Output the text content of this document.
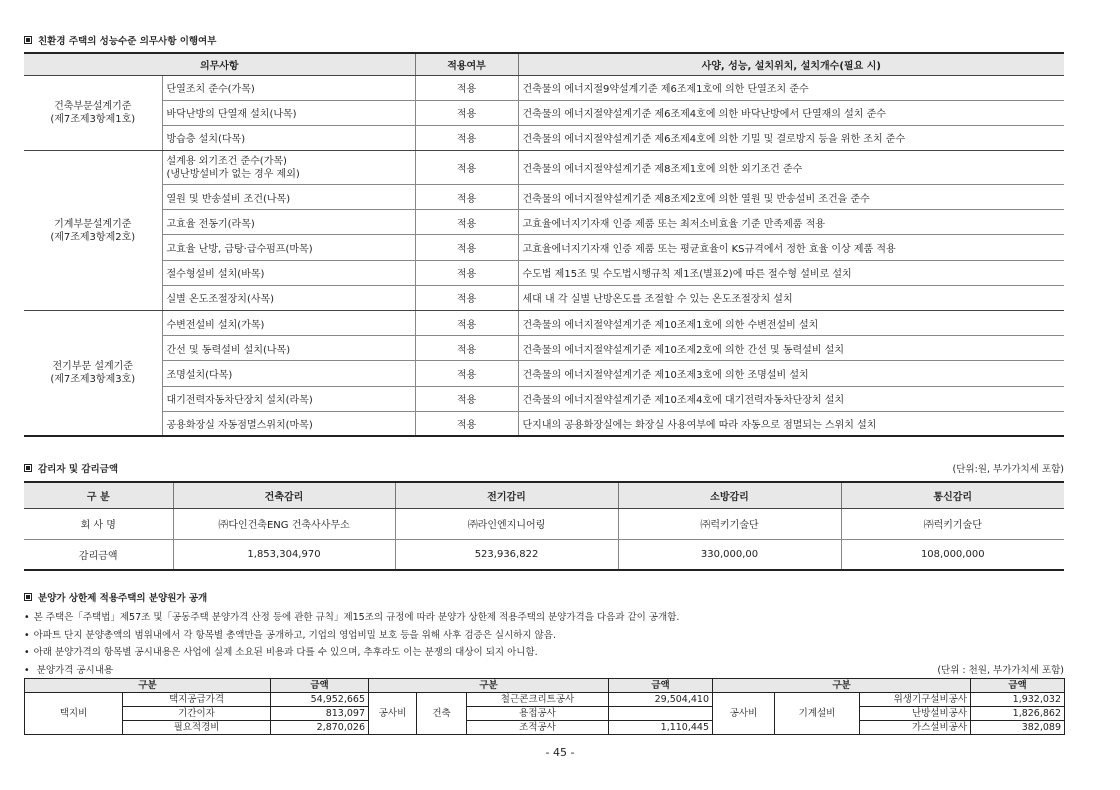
친환경 주택의 성능수준 의무사항 이행여부
의무사항		적용여부	사양, 성능, 설치위치, 설치개수(필요 시)
건축부문설계기준
(제7조제3항제1호)	단열조치 준수(가목)	적용	건축물의 에너지절9약설계기준 제6조제1호에 의한 단열조치 준수
	바닥난방의 단열재 설치(나목)	적용	건축물의 에너지절약설계기준 제6조제4호에 의한 바닥난방에서 단열재의 설치 준수
	방습층 설치(다목)	적용	건축물의 에너지절약설계기준 제6조제4호에 의한 기밀 및 결로방지 등을 위한 조치 준수
기계부문설계기준
(제7조제3항제2호)	설계용 외기조건 준수(가목)
(냉난방설비가 없는 경우 제외)	적용	건축물의 에너지절약설계기준 제8조제1호에 의한 외기조건 준수
	열원 및 반송설비 조건(나목)	적용	건축물의 에너지절약설계기준 제8조제2호에 의한 열원 및 반송설비 조건을 준수
	고효율 전동기(라목)	적용	고효율에너지기자재 인증 제품 또는 최저소비효율 기준 만족제품 적용
	고효율 난방, 급탕·급수펌프(마목)	적용	고효율에너지기자재 인증 제품 또는 평균효율이 KS규격에서 정한 효율 이상 제품 적용
	절수형설비 설치(바목)	적용	수도법 제15조 및 수도법시행규칙 제1조(별표2)에 따른 절수형 설비로 설치
	실별 온도조절장치(사목)	적용	세대 내 각 실별 난방온도를 조절할 수 있는 온도조절장치 설치
전기부문 설계기준
(제7조제3항제3호)	수변전설비 설치(가목)	적용	건축물의 에너지절약설계기준 제10조제1호에 의한 수변전설비 설치
	간선 및 동력설비 설치(나목)	적용	건축물의 에너지절약설계기준 제10조제2호에 의한 간선 및 동력설비 설치
	조명설치(다목)	적용	건축물의 에너지절약설계기준 제10조제3호에 의한 조명설비 설치
	대기전력자동차단장치 설치(라목)	적용	건축물의 에너지절약설계기준 제10조제4호에 대기전력자동차단장치 설치
	공용화장실 자동점멸스위치(마목)	적용	단지내의 공용화장실에는 화장실 사용여부에 따라 자동으로 점멸되는 스위치 설치
감리자 및 감리금액	(단위:원, 부가가치세 포함)
구 분	건축감리	전기감리	소방감리	통신감리
회 사 명	㈜다인건축ENG 건축사사무소	㈜라인엔지니어링	㈜럭키기술단	㈜럭키기술단
감리금액	1,853,304,970	523,936,822	330,000,00	108,000,000
분양가 상한제 적용주택의 분양원가 공개
• 본 주택은「주택법」제57조 및「공동주택 분양가격 산정 등에 관한 규칙」제15조의 규정에 따라 분양가 상한제 적용주택의 분양가격을 다음과 같이 공개함.
• 아파트 단지 분양총액의 범위내에서 각 항목별 총액만을 공개하고, 기업의 영업비밀 보호 등을 위해 사후 검증은 실시하지 않음.
• 아래 분양가격의 항목별 공시내용은 사업에 실제 소요된 비용과 다를 수 있으며, 추후라도 이는 분쟁의 대상이 되지 아니함.
• 분양가격 공시내용	(단위 : 천원, 부가가치세 포함)
구분		금액	구분			금액	구분			금액
택지비	택지공급가격	54,952,665	공사비	건축	철근콘크리트공사	29,504,410	공사비	기계설비	위생기구설비공사	1,932,032
	기간이자	813,097			용접공사				난방설비공사	1,826,862
	필요적경비	2,870,026			조적공사	1,110,445			가스설비공사	382,089
- 45 -
